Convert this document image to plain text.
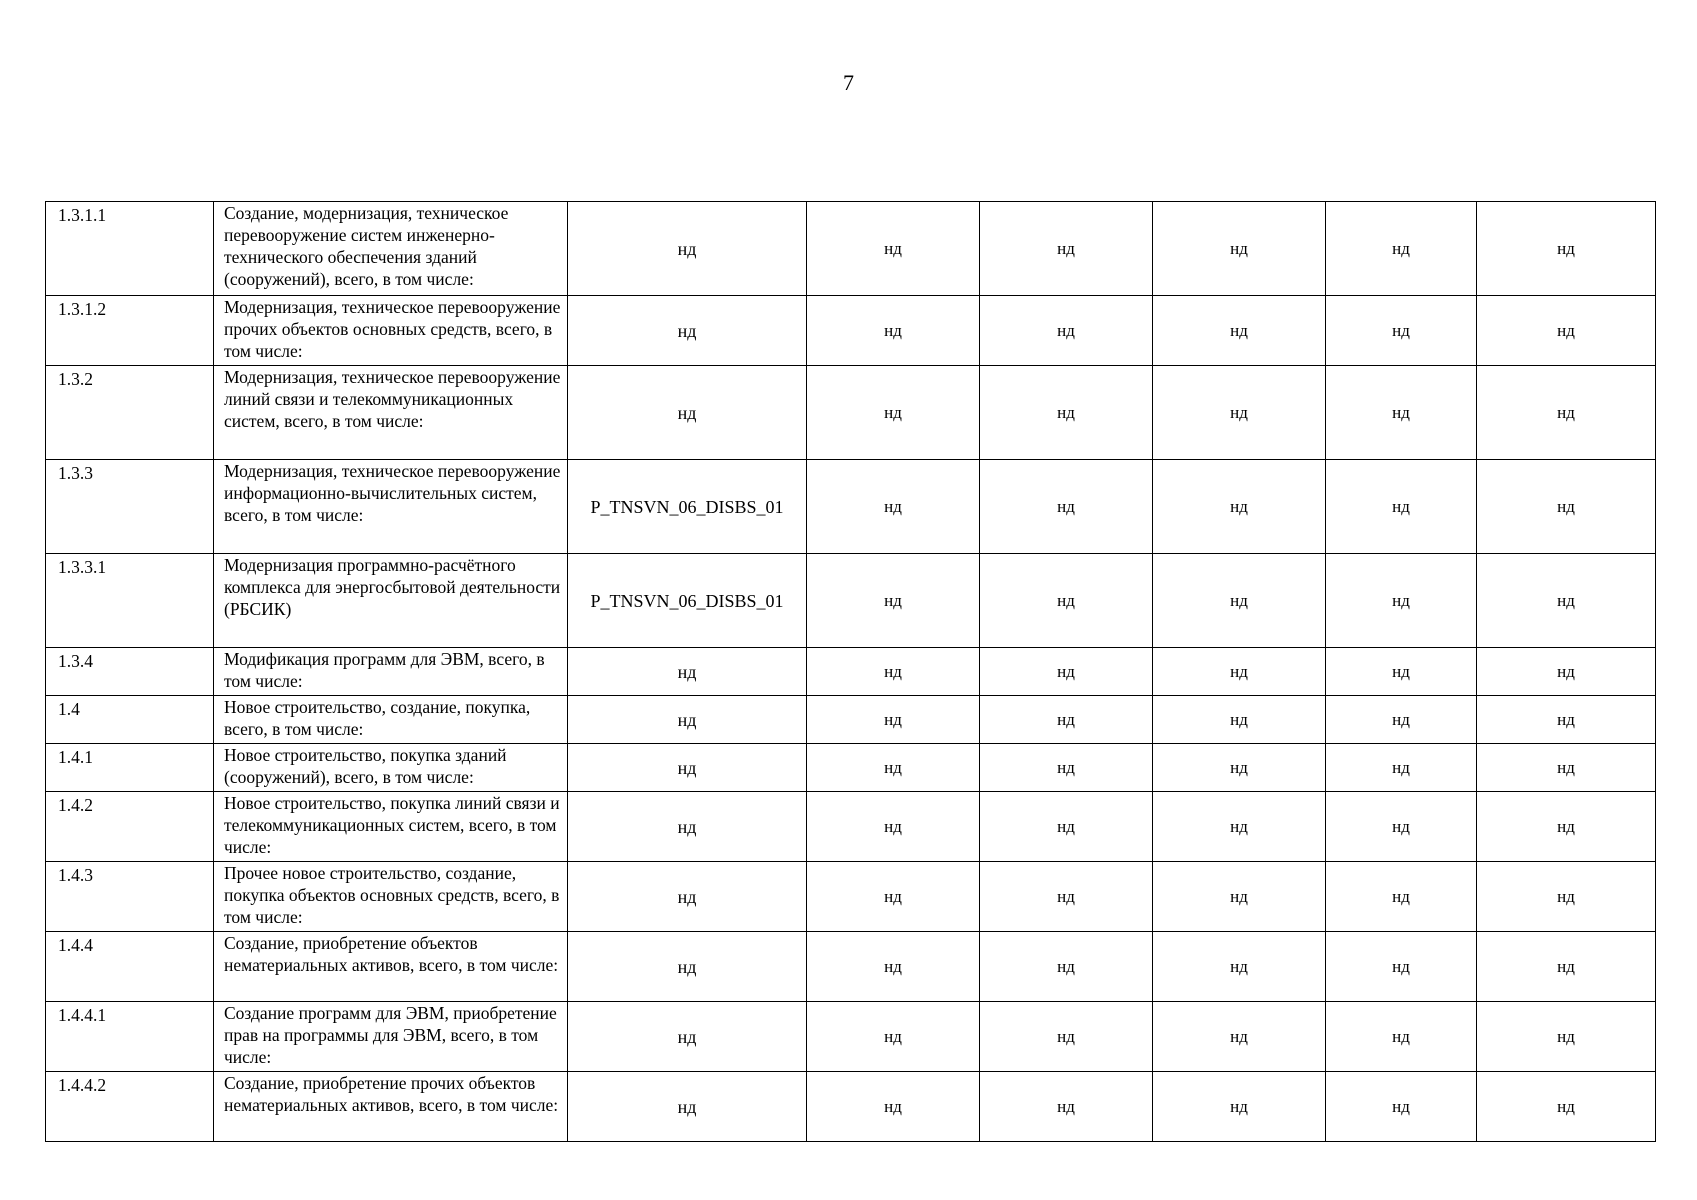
7
1.3.1.1	Создание, модернизация, техническое перевооружение систем инженерно-технического обеспечения зданий (сооружений), всего, в том числе:	нд	нд	нд	нд	нд	нд
1.3.1.2	Модернизация, техническое перевооружение прочих объектов основных средств, всего, в том числе:	нд	нд	нд	нд	нд	нд
1.3.2	Модернизация, техническое перевооружение линий связи и телекоммуникационных систем, всего, в том числе:	нд	нд	нд	нд	нд	нд
1.3.3	Модернизация, техническое перевооружение информационно-вычислительных систем, всего, в том числе:	P_TNSVN_06_DISBS_01	нд	нд	нд	нд	нд
1.3.3.1	Модернизация программно-расчётного комплекса для энергосбытовой деятельности (РБСИК)	P_TNSVN_06_DISBS_01	нд	нд	нд	нд	нд
1.3.4	Модификация программ для ЭВМ, всего, в том числе:	нд	нд	нд	нд	нд	нд
1.4	Новое строительство, создание, покупка, всего, в том числе:	нд	нд	нд	нд	нд	нд
1.4.1	Новое строительство, покупка зданий (сооружений), всего, в том числе:	нд	нд	нд	нд	нд	нд
1.4.2	Новое строительство, покупка линий связи и телекоммуникационных систем, всего, в том числе:	нд	нд	нд	нд	нд	нд
1.4.3	Прочее новое строительство, создание, покупка объектов основных средств, всего, в том числе:	нд	нд	нд	нд	нд	нд
1.4.4	Создание, приобретение объектов нематериальных активов, всего, в том числе:	нд	нд	нд	нд	нд	нд
1.4.4.1	Создание программ для ЭВМ, приобретение прав на программы для ЭВМ, всего, в том числе:	нд	нд	нд	нд	нд	нд
1.4.4.2	Создание, приобретение прочих объектов нематериальных активов, всего, в том числе:	нд	нд	нд	нд	нд	нд
